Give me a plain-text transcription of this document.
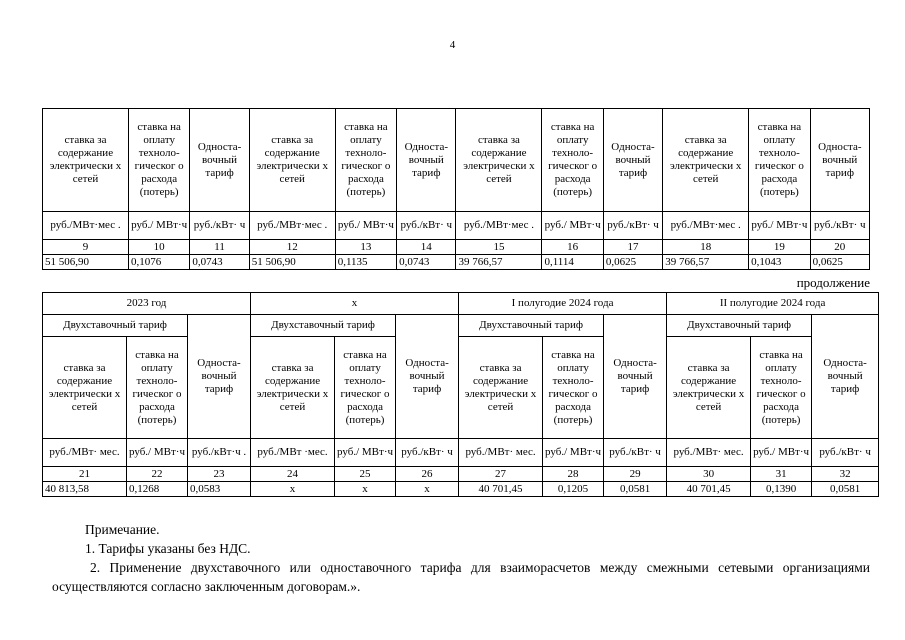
4
ставка за содержание электрически х сетей	ставка на оплату техноло-гическог о расхода (потерь)	Односта-вочный тариф	ставка за содержание электрически х сетей	ставка на оплату техноло-гическог о расхода (потерь)	Односта-вочный тариф	ставка за содержание электрически х сетей	ставка на оплату техноло-гическог о расхода (потерь)	Односта-вочный тариф	ставка за содержание электрически х сетей	ставка на оплату техноло-гическог о расхода (потерь)	Односта-вочный тариф
руб./МВт·мес .	руб./ МВт·ч	руб./кВт· ч	руб./МВт·мес .	руб./ МВт·ч	руб./кВт· ч	руб./МВт·мес .	руб./ МВт·ч	руб./кВт· ч	руб./МВт·мес .	руб./ МВт·ч	руб./кВт· ч
9	10	11	12	13	14	15	16	17	18	19	20
51 506,90	0,1076	0,0743	51 506,90	0,1135	0,0743	39 766,57	0,1114	0,0625	39 766,57	0,1043	0,0625
продолжение
2023 год			x			I полугодие 2024 года			II полугодие 2024 года		
Двухставочный тариф		Односта-вочный тариф	Двухставочный тариф		Односта-вочный тариф	Двухставочный тариф		Односта-вочный тариф	Двухставочный тариф		Односта-вочный тариф
ставка за содержание электрически х сетей	ставка на оплату техноло-гическог о расхода (потерь)		ставка за содержание электрически х сетей	ставка на оплату техноло-гическог о расхода (потерь)		ставка за содержание электрически х сетей	ставка на оплату техноло-гическог о расхода (потерь)		ставка за содержание электрически х сетей	ставка на оплату техноло-гическог о расхода (потерь)	
руб./МВт· мес.	руб./ МВт·ч	руб./кВт·ч .	руб./МВт ·мес.	руб./ МВт·ч	руб./кВт· ч	руб./МВт· мес.	руб./ МВт·ч	руб./кВт· ч	руб./МВт· мес.	руб./ МВт·ч	руб./кВт· ч
21	22	23	24	25	26	27	28	29	30	31	32
40 813,58	0,1268	0,0583	x	x	x	40 701,45	0,1205	0,0581	40 701,45	0,1390	0,0581

Примечание.

1. Тарифы указаны без НДС.

2. Применение двухставочного или одноставочного тарифа для взаиморасчетов между смежными сетевыми организациями осуществляются согласно заключенным договорам.».
